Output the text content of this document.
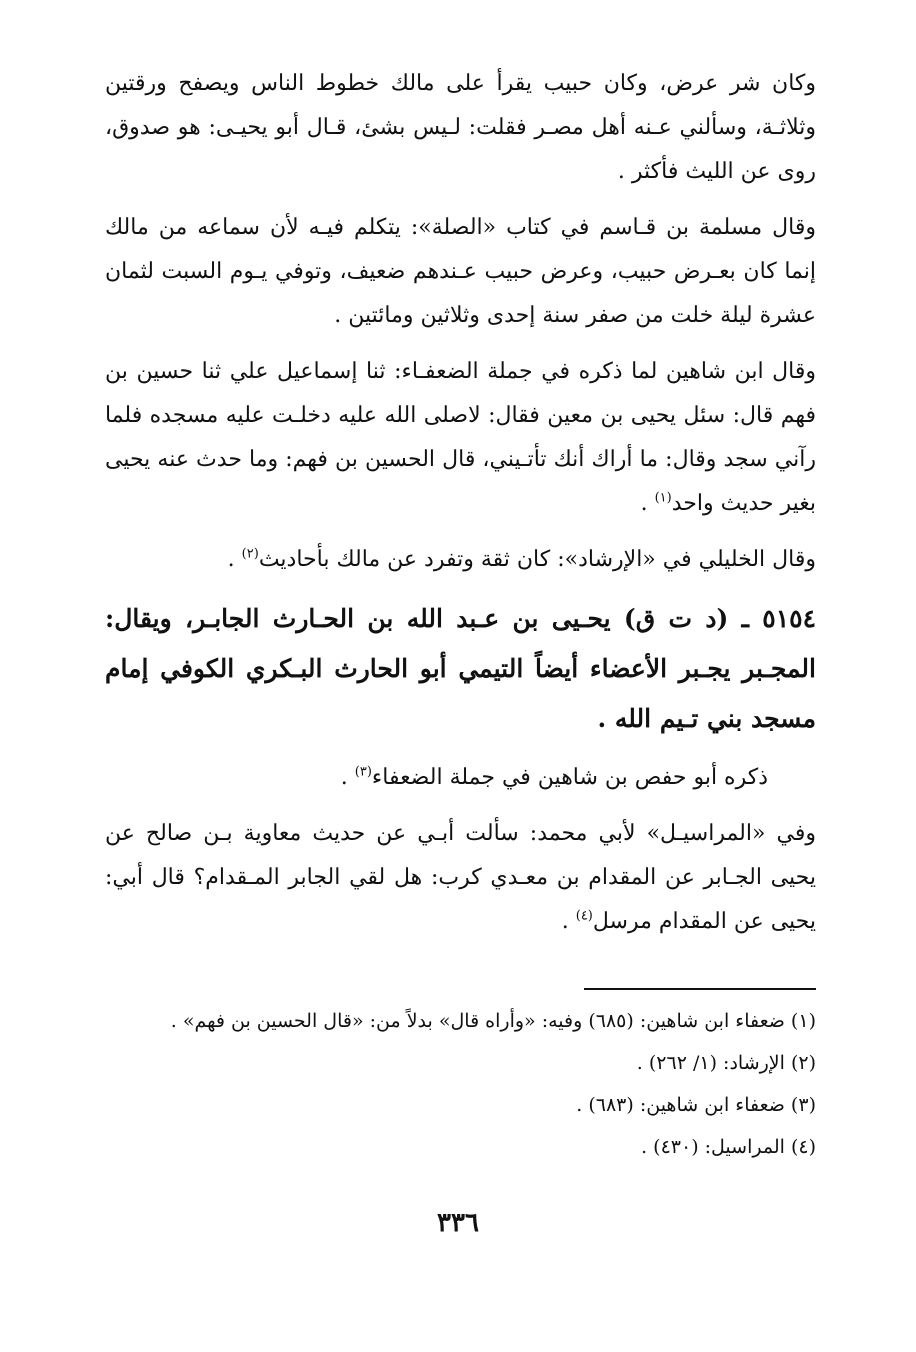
وكان شر عرض، وكان حبيب يقرأ على مالك خطوط الناس ويصفح ورقتين وثلاثـة، وسألني عـنه أهل مصـر فقلت: لـيس بشئ، قـال أبو يحيـى: هو صدوق، روى عن الليث فأكثر .

وقال مسلمة بن قـاسم في كتاب «الصلة»: يتكلم فيـه لأن سماعه من مالك إنما كان بعـرض حبيب، وعرض حبيب عـندهم ضعيف، وتوفي يـوم السبت لثمان عشرة ليلة خلت من صفر سنة إحدى وثلاثين ومائتين .

وقال ابن شاهين لما ذكره في جملة الضعفـاء: ثنا إسماعيل علي ثنا حسين بن فهم قال: سئل يحيى بن معين فقال: لاصلى الله عليه دخلـت عليه مسجده فلما رآني سجد وقال: ما أراك أنك تأتـيني، قال الحسين بن فهم: وما حدث عنه يحيى بغير حديث واحد$^{(١)}$ .

وقال الخليلي في «الإرشاد»: كان ثقة وتفرد عن مالك بأحاديث$^{(٢)}$ .

٥١٥٤ ـ (د ت ق) يحـيى بن عـبد الله بن الحـارث الجابـر، ويقال: المجـبر يجـبر الأعضاء أيضاً التيمي أبو الحارث البـكري الكوفي إمام مسجد بني تـيم الله .

ذكره أبو حفص بن شاهين في جملة الضعفاء$^{(٣)}$ .

وفي «المراسيـل» لأبي محمد: سألت أبـي عن حديث معاوية بـن صالح عن يحيى الجـابر عن المقدام بن معـدي كرب: هل لقي الجابر المـقدام؟ قال أبي: يحيى عن المقدام مرسل$^{(٤)}$ .

(١) ضعفاء ابن شاهين: (٦٨٥) وفيه: «وأراه قال» بدلاً من: «قال الحسين بن فهم» .

(٢) الإرشاد: (١/ ٢٦٢) .

(٣) ضعفاء ابن شاهين: (٦٨٣) .

(٤) المراسيل: (٤٣٠) .

٣٣٦
